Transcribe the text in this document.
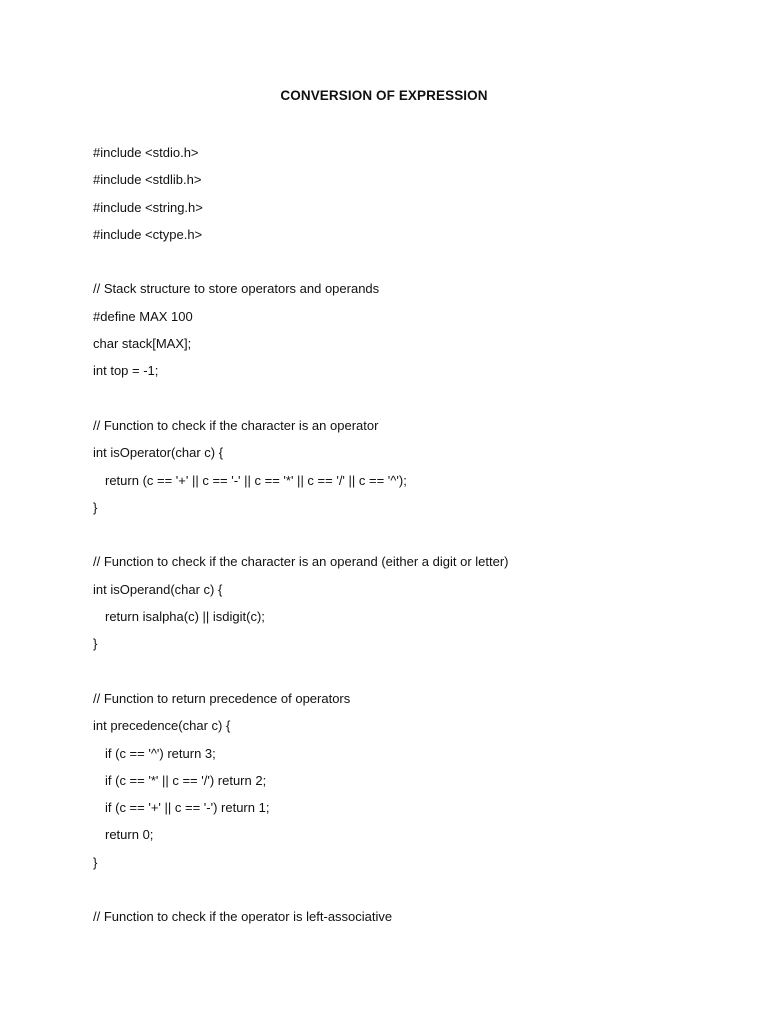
CONVERSION OF EXPRESSION
#include <stdio.h>
#include <stdlib.h>
#include <string.h>
#include <ctype.h>
// Stack structure to store operators and operands
#define MAX 100
char stack[MAX];
int top = -1;
// Function to check if the character is an operator
int isOperator(char c) {
return (c == '+' || c == '-' || c == '*' || c == '/' || c == '^');
}
// Function to check if the character is an operand (either a digit or letter)
int isOperand(char c) {
return isalpha(c) || isdigit(c);
}
// Function to return precedence of operators
int precedence(char c) {
if (c == '^') return 3;
if (c == '*' || c == '/') return 2;
if (c == '+' || c == '-') return 1;
return 0;
}
// Function to check if the operator is left-associative
